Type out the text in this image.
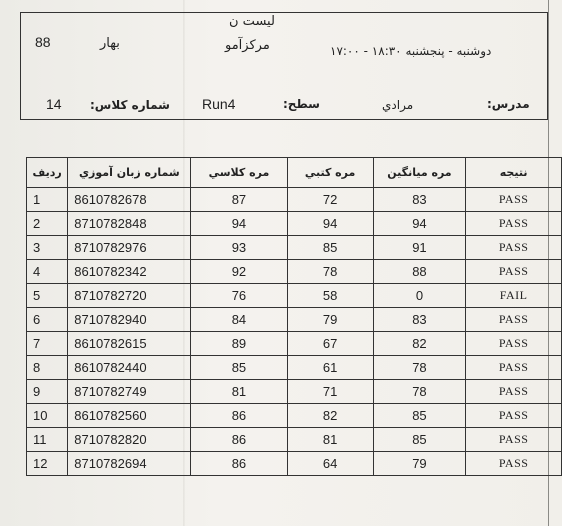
لیست ن
مرکزآمو
88	بهار	دوشنبه - پنجشنبه ۱۸:۳۰ - ۱۷:۰۰
مدرس:
مرادي
سطح:
Run4
شماره كلاس:
14
رديف	شماره زبان آموزي	مره كلاسي	مره كتبي	مره ميانگين	نتيجه
1	8610782678	87	72	83	PASS
2	8710782848	94	94	94	PASS
3	8710782976	93	85	91	PASS
4	8610782342	92	78	88	PASS
5	8710782720	76	58	0	FAIL
6	8710782940	84	79	83	PASS
7	8610782615	89	67	82	PASS
8	8610782440	85	61	78	PASS
9	8710782749	81	71	78	PASS
10	8610782560	86	82	85	PASS
11	8710782820	86	81	85	PASS
12	8710782694	86	64	79	PASS
